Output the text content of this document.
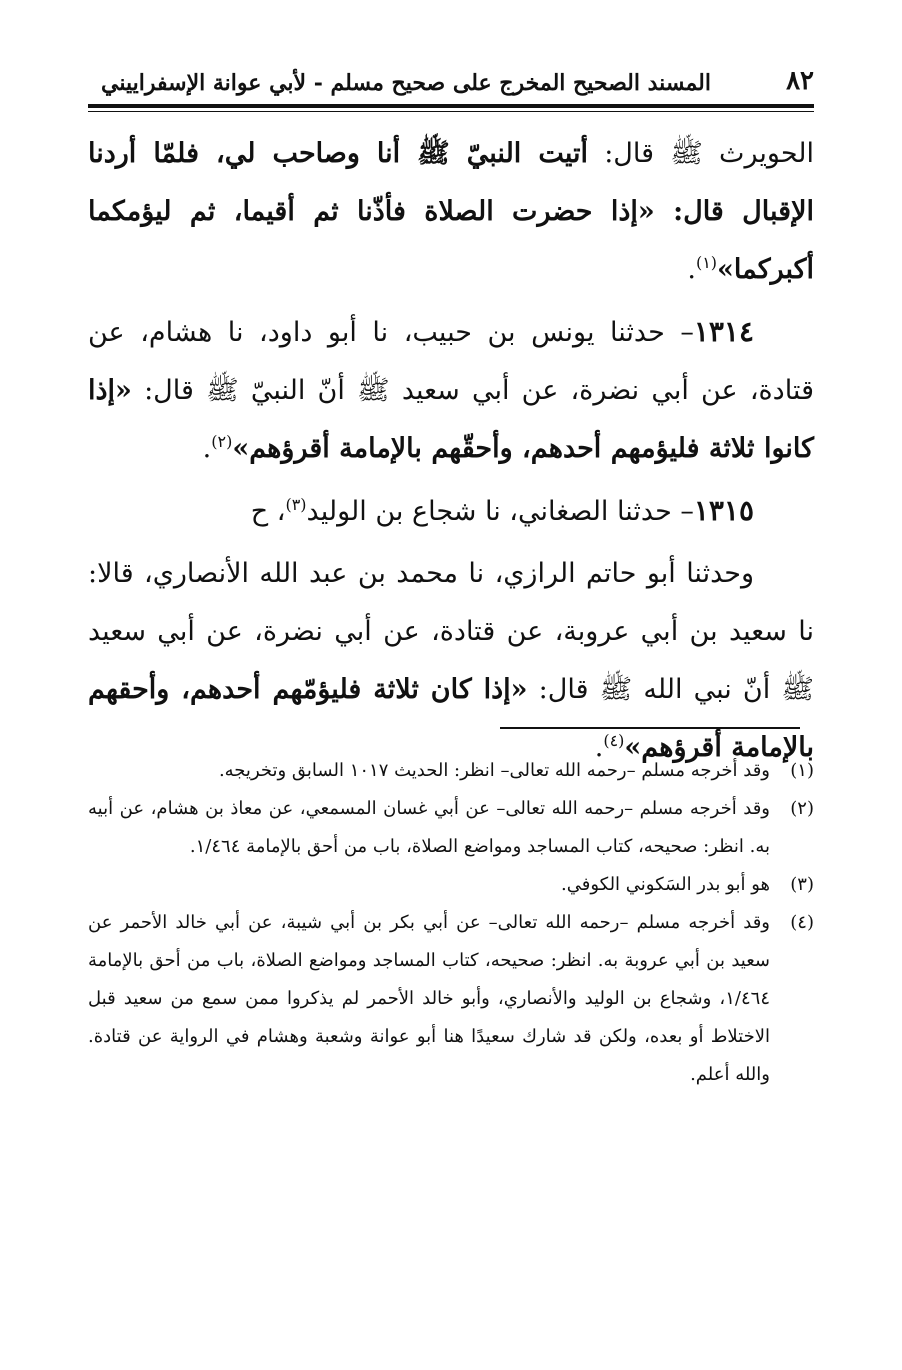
٨٢
المسند الصحيح المخرج على صحيح مسلم - لأبي عوانة الإسفراييني

الحويرث ﷺ قال: أتيت النبيّ ﷺ أنا وصاحب لي، فلمّا أردنا الإقبال قال: «إذا حضرت الصلاة فأذّنا ثم أقيما، ثم ليؤمكما أكبركما»$^{(١)}$.

١٣١٤– حدثنا يونس بن حبيب، نا أبو داود، نا هشام، عن قتادة، عن أبي نضرة، عن أبي سعيد ﷺ أنّ النبيّ ﷺ قال: «إذا كانوا ثلاثة فليؤمهم أحدهم، وأحقّهم بالإمامة أقرؤهم»$^{(٢)}$.

١٣١٥– حدثنا الصغاني، نا شجاع بن الوليد$^{(٣)}$، ح

وحدثنا أبو حاتم الرازي، نا محمد بن عبد الله الأنصاري، قالا: نا سعيد بن أبي عروبة، عن قتادة، عن أبي نضرة، عن أبي سعيد ﷺ أنّ نبي الله ﷺ قال: «إذا كان ثلاثة فليؤمّهم أحدهم، وأحقهم بالإمامة أقرؤهم»$^{(٤)}$.

(١)
وقد أخرجه مسلم –رحمه الله تعالى– انظر: الحديث ١٠١٧ السابق وتخريجه.
(٢)
وقد أخرجه مسلم –رحمه الله تعالى– عن أبي غسان المسمعي، عن معاذ بن هشام، عن أبيه به. انظر: صحيحه، كتاب المساجد ومواضع الصلاة، باب من أحق بالإمامة ١/٤٦٤.
(٣)
هو أبو بدر السَكوني الكوفي.
(٤)
وقد أخرجه مسلم –رحمه الله تعالى– عن أبي بكر بن أبي شيبة، عن أبي خالد الأحمر عن سعيد بن أبي عروبة به. انظر: صحيحه، كتاب المساجد ومواضع الصلاة، باب من أحق بالإمامة ١/٤٦٤، وشجاع بن الوليد والأنصاري، وأبو خالد الأحمر لم يذكروا ممن سمع من سعيد قبل الاختلاط أو بعده، ولكن قد شارك سعيدًا هنا أبو عوانة وشعبة وهشام في الرواية عن قتادة. والله أعلم.
